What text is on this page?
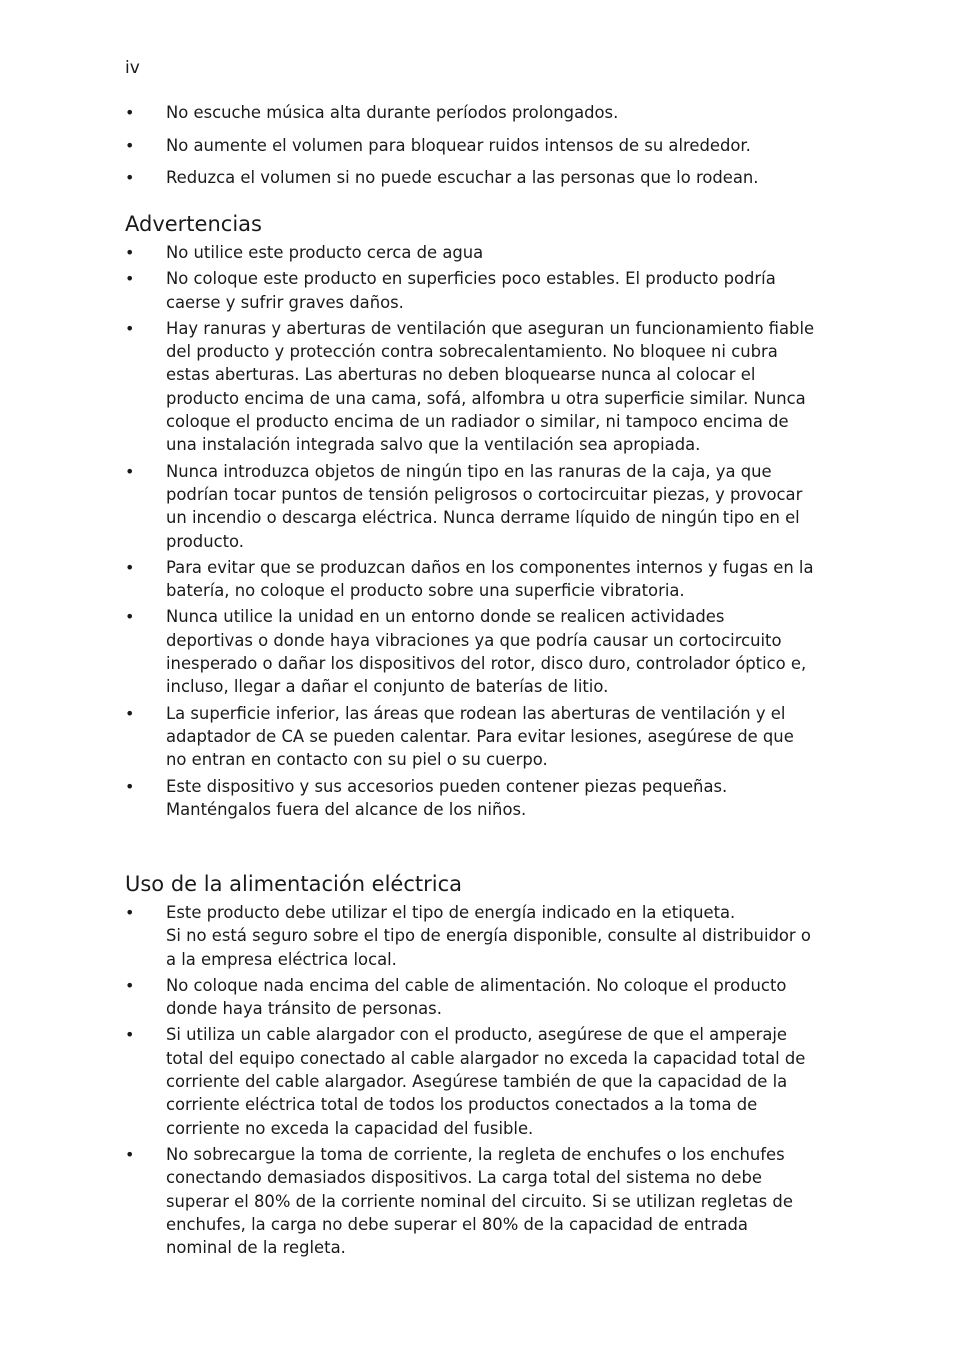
iv
• No escuche música alta durante períodos prolongados.
• No aumente el volumen para bloquear ruidos intensos de su alrededor.
• Reduzca el volumen si no puede escuchar a las personas que lo rodean.
Advertencias
• No utilice este producto cerca de agua
• No coloque este producto en superficies poco estables. El producto podría caerse y sufrir graves daños.
• Hay ranuras y aberturas de ventilación que aseguran un funcionamiento fiable del producto y protección contra sobrecalentamiento. No bloquee ni cubra estas aberturas. Las aberturas no deben bloquearse nunca al colocar el producto encima de una cama, sofá, alfombra u otra superficie similar. Nunca coloque el producto encima de un radiador o similar, ni tampoco encima de una instalación integrada salvo que la ventilación sea apropiada.
• Nunca introduzca objetos de ningún tipo en las ranuras de la caja, ya que podrían tocar puntos de tensión peligrosos o cortocircuitar piezas, y provocar un incendio o descarga eléctrica. Nunca derrame líquido de ningún tipo en el producto.
• Para evitar que se produzcan daños en los componentes internos y fugas en la batería, no coloque el producto sobre una superficie vibratoria.
• Nunca utilice la unidad en un entorno donde se realicen actividades deportivas o donde haya vibraciones ya que podría causar un cortocircuito inesperado o dañar los dispositivos del rotor, disco duro, controlador óptico e, incluso, llegar a dañar el conjunto de baterías de litio.
• La superficie inferior, las áreas que rodean las aberturas de ventilación y el adaptador de CA se pueden calentar. Para evitar lesiones, asegúrese de que no entran en contacto con su piel o su cuerpo.
• Este dispositivo y sus accesorios pueden contener piezas pequeñas. Manténgalos fuera del alcance de los niños.
Uso de la alimentación eléctrica
• Este producto debe utilizar el tipo de energía indicado en la etiqueta.
Si no está seguro sobre el tipo de energía disponible, consulte al distribuidor o a la empresa eléctrica local.
• No coloque nada encima del cable de alimentación. No coloque el producto donde haya tránsito de personas.
• Si utiliza un cable alargador con el producto, asegúrese de que el amperaje total del equipo conectado al cable alargador no exceda la capacidad total de corriente del cable alargador. Asegúrese también de que la capacidad de la corriente eléctrica total de todos los productos conectados a la toma de corriente no exceda la capacidad del fusible.
• No sobrecargue la toma de corriente, la regleta de enchufes o los enchufes conectando demasiados dispositivos. La carga total del sistema no debe superar el 80% de la corriente nominal del circuito. Si se utilizan regletas de enchufes, la carga no debe superar el 80% de la capacidad de entrada nominal de la regleta.
